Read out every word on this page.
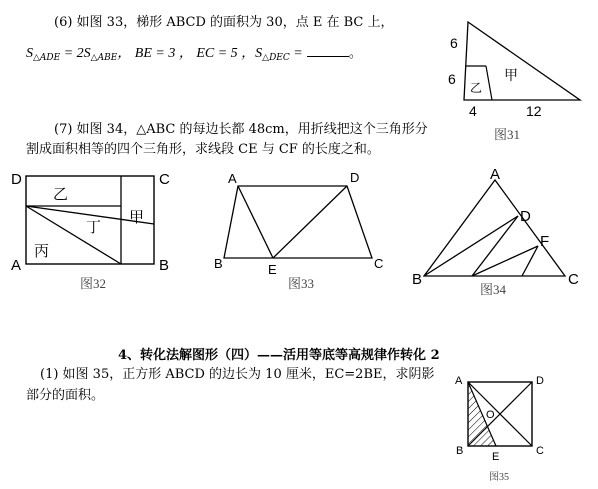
(6) 如图 33，梯形 ABCD 的面积为 30，点 E 在 BC 上，
$S_{\triangle ADE} = 2S_{\triangle ABE}$， BE = 3 ， EC = 5 ，$S_{\triangle DEC}$ =	。
6
6
4	12
甲
乙
图31
(7) 如图 34，△ABC 的每边长都 48cm，用折线把这个三角形分
割成面积相等的四个三角形，求线段 CE 与 CF 的长度之和。
D	C
A	B
乙
丁
甲
丙
图32
A	D
B	E	C
图33
A
D
F
B	C
图34
4、转化法解图形（四）——活用等底等高规律作转化 2
(1) 如图 35，正方形 ABCD 的边长为 10 厘米，EC=2BE，求阴影
部分的面积。
A	D
O
B	C
E
图35
